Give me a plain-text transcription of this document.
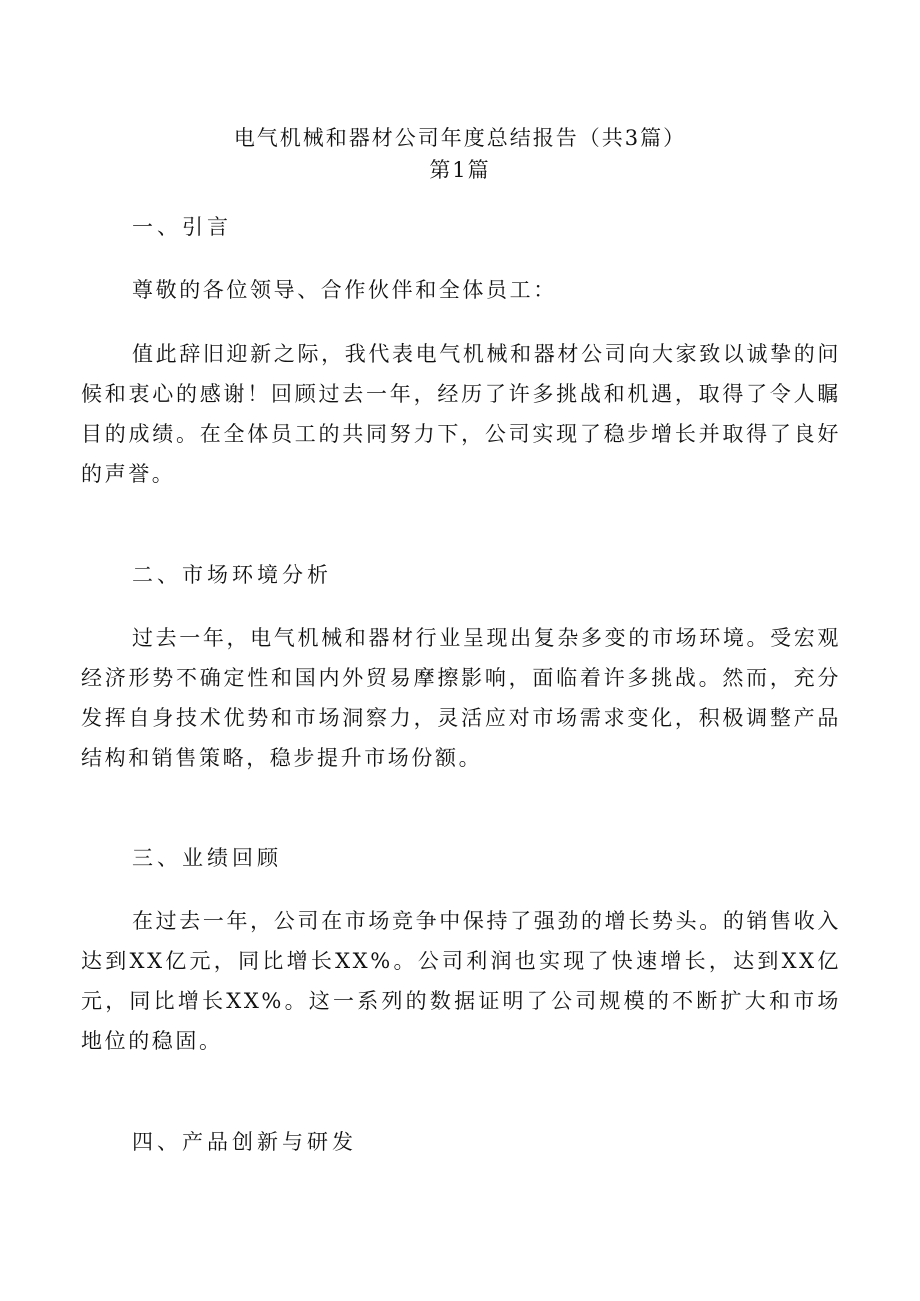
电气机械和器材公司年度总结报告（共3篇）
第1篇
一、引言
尊敬的各位领导、合作伙伴和全体员工：
值此辞旧迎新之际，我代表电气机械和器材公司向大家致以诚挚的问候和衷心的感谢！回顾过去一年，经历了许多挑战和机遇，取得了令人瞩目的成绩。在全体员工的共同努力下，公司实现了稳步增长并取得了良好的声誉。
二、市场环境分析
过去一年，电气机械和器材行业呈现出复杂多变的市场环境。受宏观经济形势不确定性和国内外贸易摩擦影响，面临着许多挑战。然而，充分发挥自身技术优势和市场洞察力，灵活应对市场需求变化，积极调整产品结构和销售策略，稳步提升市场份额。
三、业绩回顾
在过去一年，公司在市场竞争中保持了强劲的增长势头。的销售收入达到XX亿元，同比增长XX%。公司利润也实现了快速增长，达到XX亿元，同比增长XX%。这一系列的数据证明了公司规模的不断扩大和市场地位的稳固。
四、产品创新与研发
